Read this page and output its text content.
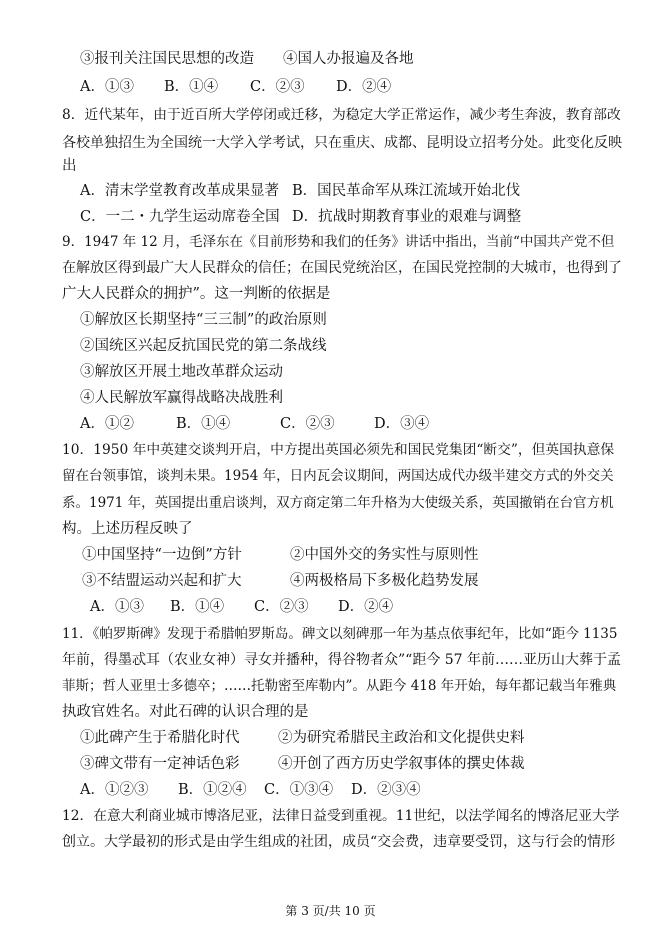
③报刊关注国民思想的改造　　④国人办报遍及各地
A．①③ B．①④ C．②③ D．②④
8．近代某年，由于近百所大学停闭或迁移，为稳定大学正常运作，减少考生奔波，教育部改
各校单独招生为全国统一大学入学考试，只在重庆、成都、昆明设立招考分处。此变化反映
出
A．清末学堂教育改革成果显著 B．国民革命军从珠江流域开始北伐
C．一二・九学生运动席卷全国 D．抗战时期教育事业的艰难与调整
9．1947 年 12 月，毛泽东在《目前形势和我们的任务》讲话中指出，当前“中国共产党不但
在解放区得到最广大人民群众的信任；在国民党统治区，在国民党控制的大城市，也得到了
广大人民群众的拥护”。这一判断的依据是
①解放区长期坚持“三三制”的政治原则
②国统区兴起反抗国民党的第二条战线
③解放区开展土地改革群众运动
④人民解放军赢得战略决战胜利
A．①②	B．①④	C．②③	D．③④
10．1950 年中英建交谈判开启，中方提出英国必须先和国民党集团“断交”，但英国执意保
留在台领事馆，谈判未果。1954 年，日内瓦会议期间，两国达成代办级半建交方式的外交关
系。1971 年，英国提出重启谈判，双方商定第二年升格为大使级关系，英国撤销在台官方机
构。上述历程反映了
①中国坚持“一边倒”方针	②中国外交的务实性与原则性
③不结盟运动兴起和扩大	④两极格局下多极化趋势发展
A．①③ B．①④ C．②③ D．②④
11．《帕罗斯碑》发现于希腊帕罗斯岛。碑文以刻碑那一年为基点依事纪年，比如“距今 1135
年前，得墨忒耳（农业女神）寻女并播种，得谷物者众”“距今 57 年前……亚历山大葬于孟
菲斯；哲人亚里士多德卒；……托勒密至库勒内”。从距今 418 年开始，每年都记载当年雅典
执政官姓名。对此石碑的认识合理的是
①此碑产生于希腊化时代	②为研究希腊民主政治和文化提供史料
③碑文带有一定神话色彩	④开创了西方历史学叙事体的撰史体裁
A．①②③ B．①②④ C．①③④ D．②③④
12．在意大利商业城市博洛尼亚，法律日益受到重视。11世纪，以法学闻名的博洛尼亚大学
创立。大学最初的形式是由学生组成的社团，成员“交会费，违章要受罚，这与行会的情形
第 3 页/共 10 页
